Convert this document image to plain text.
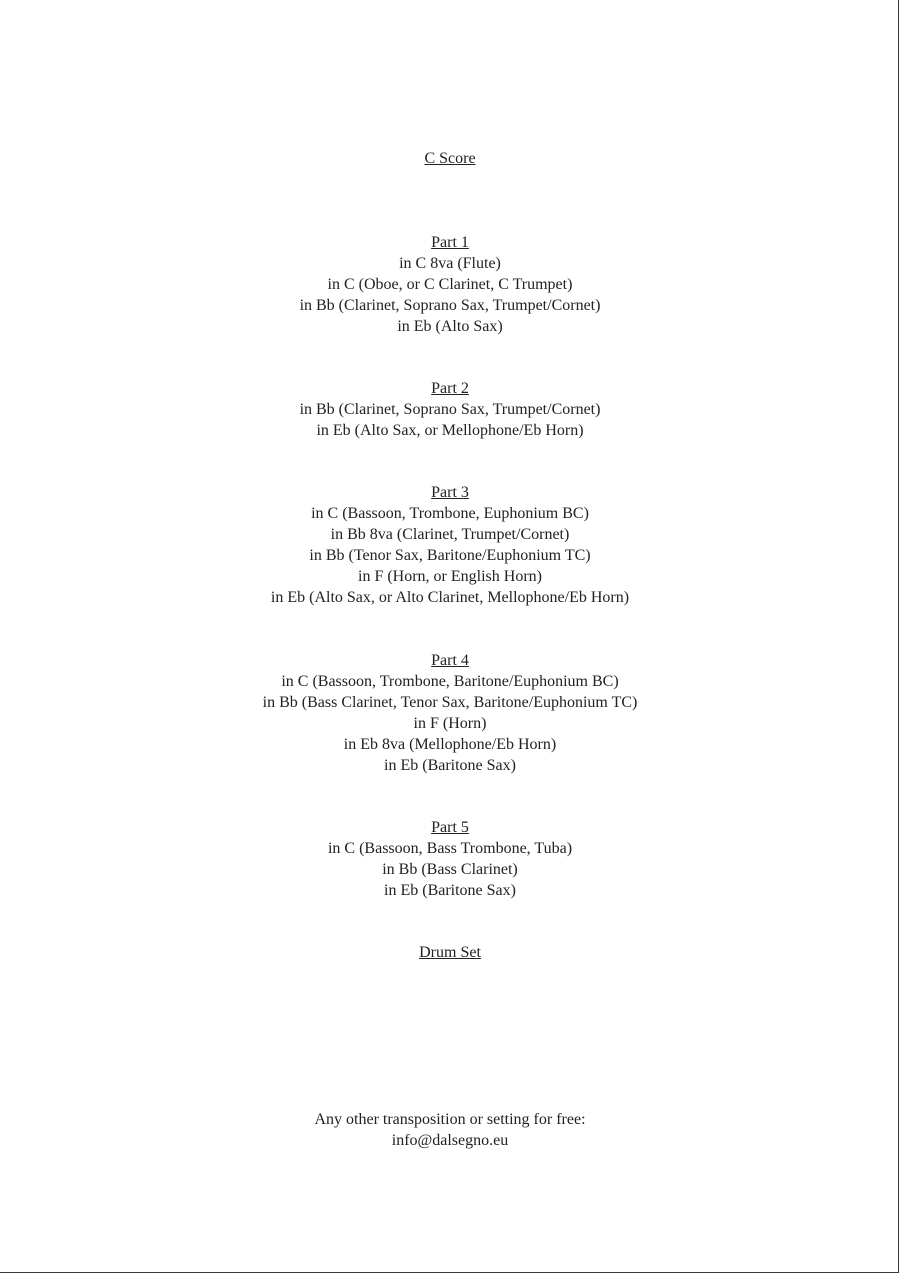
C Score
Part 1
in C 8va (Flute)
in C (Oboe, or C Clarinet, C Trumpet)
in Bb (Clarinet, Soprano Sax, Trumpet/Cornet)
in Eb (Alto Sax)
Part 2
in Bb (Clarinet, Soprano Sax, Trumpet/Cornet)
in Eb (Alto Sax, or Mellophone/Eb Horn)
Part 3
in C (Bassoon, Trombone, Euphonium BC)
in Bb 8va (Clarinet, Trumpet/Cornet)
in Bb (Tenor Sax, Baritone/Euphonium TC)
in F (Horn, or English Horn)
in Eb (Alto Sax, or Alto Clarinet, Mellophone/Eb Horn)
Part 4
in C (Bassoon, Trombone, Baritone/Euphonium BC)
in Bb (Bass Clarinet, Tenor Sax, Baritone/Euphonium TC)
in F (Horn)
in Eb 8va (Mellophone/Eb Horn)
in Eb (Baritone Sax)
Part 5
in C (Bassoon, Bass Trombone, Tuba)
in Bb (Bass Clarinet)
in Eb (Baritone Sax)
Drum Set
Any other transposition or setting for free:
info@dalsegno.eu
